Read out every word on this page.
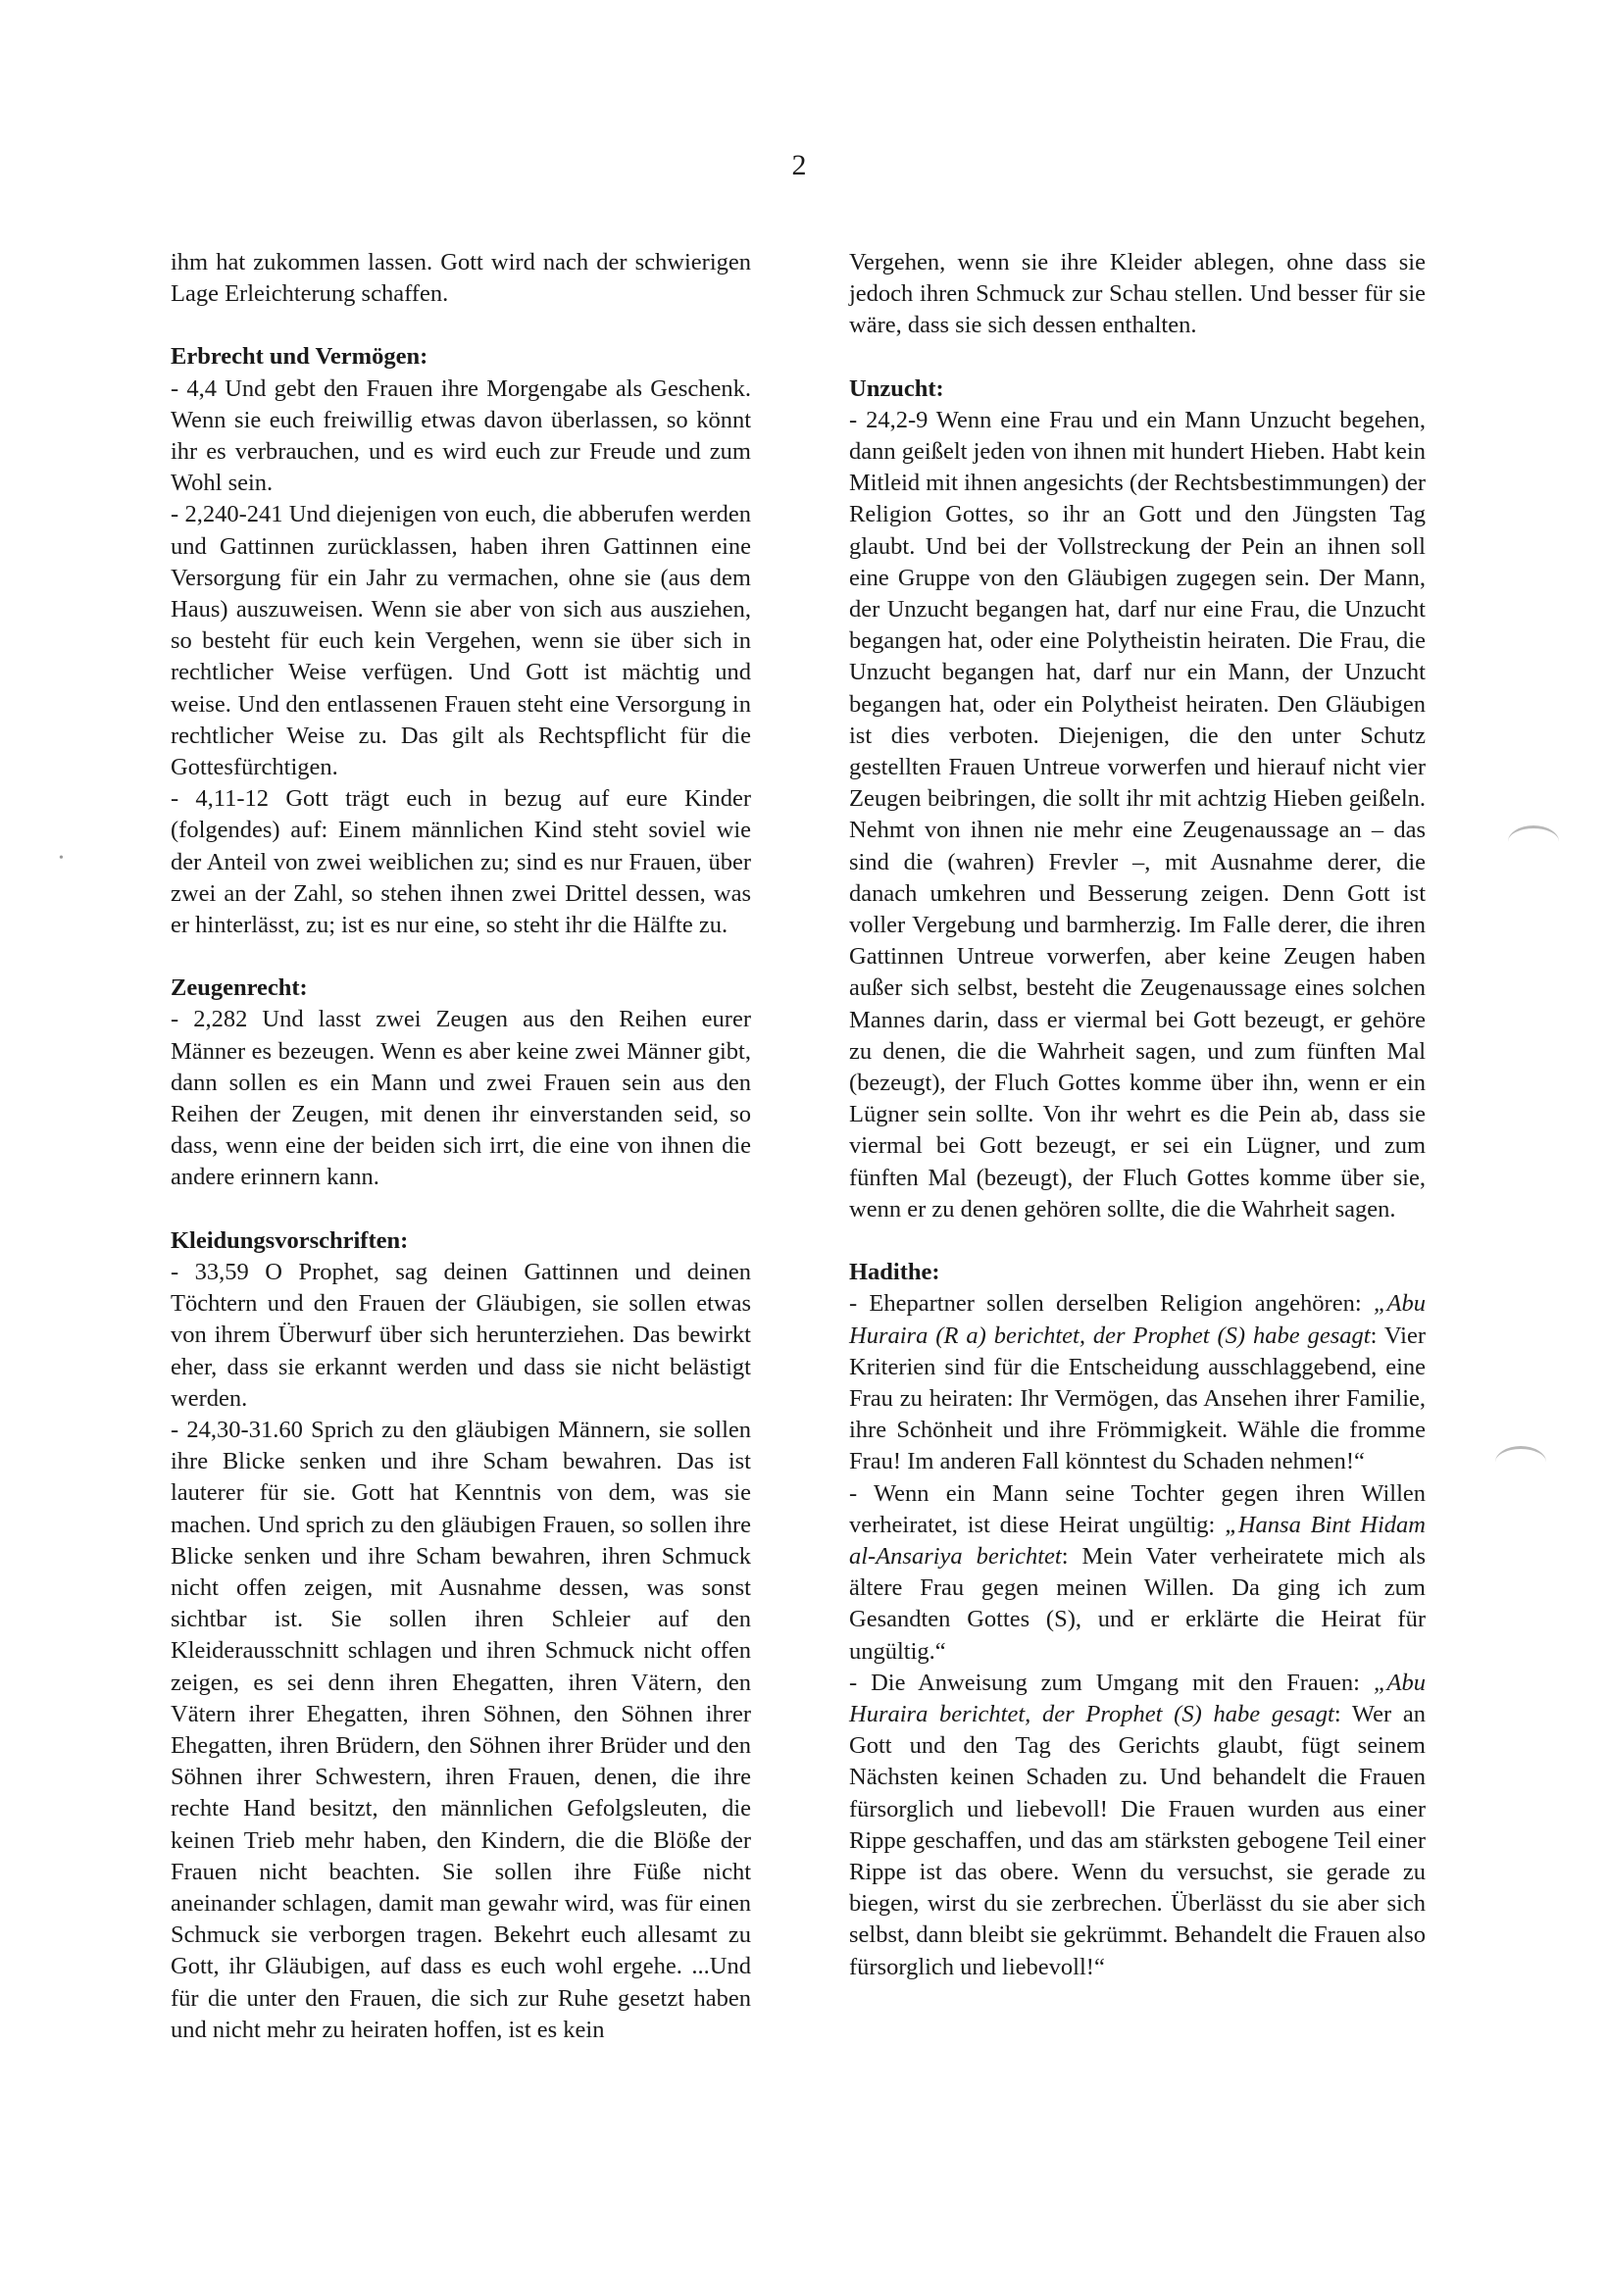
2

ihm hat zukommen lassen. Gott wird nach der schwierigen Lage Erleichterung schaffen.

Erbrecht und Vermögen:

- 4,4 Und gebt den Frauen ihre Morgengabe als Geschenk. Wenn sie euch freiwillig etwas davon überlassen, so könnt ihr es verbrauchen, und es wird euch zur Freude und zum Wohl sein.

- 2,240-241 Und diejenigen von euch, die abberufen werden und Gattinnen zurücklassen, haben ihren Gattinnen eine Versorgung für ein Jahr zu vermachen, ohne sie (aus dem Haus) auszuweisen. Wenn sie aber von sich aus ausziehen, so besteht für euch kein Vergehen, wenn sie über sich in rechtlicher Weise verfügen. Und Gott ist mächtig und weise. Und den entlassenen Frauen steht eine Versorgung in rechtlicher Weise zu. Das gilt als Rechtspflicht für die Gottesfürchtigen.

- 4,11-12 Gott trägt euch in bezug auf eure Kinder (folgendes) auf: Einem männlichen Kind steht soviel wie der Anteil von zwei weiblichen zu; sind es nur Frauen, über zwei an der Zahl, so stehen ihnen zwei Drittel dessen, was er hinterlässt, zu; ist es nur eine, so steht ihr die Hälfte zu.

Zeugenrecht:

- 2,282 Und lasst zwei Zeugen aus den Reihen eurer Männer es bezeugen. Wenn es aber keine zwei Männer gibt, dann sollen es ein Mann und zwei Frauen sein aus den Reihen der Zeugen, mit denen ihr einverstanden seid, so dass, wenn eine der beiden sich irrt, die eine von ihnen die andere erinnern kann.

Kleidungsvorschriften:

- 33,59 O Prophet, sag deinen Gattinnen und deinen Töchtern und den Frauen der Gläubigen, sie sollen etwas von ihrem Überwurf über sich herunterziehen. Das bewirkt eher, dass sie erkannt werden und dass sie nicht belästigt werden.

- 24,30-31.60 Sprich zu den gläubigen Männern, sie sollen ihre Blicke senken und ihre Scham bewahren. Das ist lauterer für sie. Gott hat Kenntnis von dem, was sie machen. Und sprich zu den gläubigen Frauen, so sollen ihre Blicke senken und ihre Scham bewahren, ihren Schmuck nicht offen zeigen, mit Ausnahme dessen, was sonst sichtbar ist. Sie sollen ihren Schleier auf den Kleiderausschnitt schlagen und ihren Schmuck nicht offen zeigen, es sei denn ihren Ehegatten, ihren Vätern, den Vätern ihrer Ehegatten, ihren Söhnen, den Söhnen ihrer Ehegatten, ihren Brüdern, den Söhnen ihrer Brüder und den Söhnen ihrer Schwestern, ihren Frauen, denen, die ihre rechte Hand besitzt, den männlichen Gefolgsleuten, die keinen Trieb mehr haben, den Kindern, die die Blöße der Frauen nicht beachten. Sie sollen ihre Füße nicht aneinander schlagen, damit man gewahr wird, was für einen Schmuck sie verborgen tragen. Bekehrt euch allesamt zu Gott, ihr Gläubigen, auf dass es euch wohl ergehe. ...Und für die unter den Frauen, die sich zur Ruhe gesetzt haben und nicht mehr zu heiraten hoffen, ist es kein

Vergehen, wenn sie ihre Kleider ablegen, ohne dass sie jedoch ihren Schmuck zur Schau stellen. Und besser für sie wäre, dass sie sich dessen enthalten.

Unzucht:

- 24,2-9 Wenn eine Frau und ein Mann Unzucht begehen, dann geißelt jeden von ihnen mit hundert Hieben. Habt kein Mitleid mit ihnen angesichts (der Rechtsbestimmungen) der Religion Gottes, so ihr an Gott und den Jüngsten Tag glaubt. Und bei der Vollstreckung der Pein an ihnen soll eine Gruppe von den Gläubigen zugegen sein. Der Mann, der Unzucht begangen hat, darf nur eine Frau, die Unzucht begangen hat, oder eine Polytheistin heiraten. Die Frau, die Unzucht begangen hat, darf nur ein Mann, der Unzucht begangen hat, oder ein Polytheist heiraten. Den Gläubigen ist dies verboten. Diejenigen, die den unter Schutz gestellten Frauen Untreue vorwerfen und hierauf nicht vier Zeugen beibringen, die sollt ihr mit achtzig Hieben geißeln. Nehmt von ihnen nie mehr eine Zeugenaussage an – das sind die (wahren) Frevler –, mit Ausnahme derer, die danach umkehren und Besserung zeigen. Denn Gott ist voller Vergebung und barmherzig. Im Falle derer, die ihren Gattinnen Untreue vorwerfen, aber keine Zeugen haben außer sich selbst, besteht die Zeugenaussage eines solchen Mannes darin, dass er viermal bei Gott bezeugt, er gehöre zu denen, die die Wahrheit sagen, und zum fünften Mal (bezeugt), der Fluch Gottes komme über ihn, wenn er ein Lügner sein sollte. Von ihr wehrt es die Pein ab, dass sie viermal bei Gott bezeugt, er sei ein Lügner, und zum fünften Mal (bezeugt), der Fluch Gottes komme über sie, wenn er zu denen gehören sollte, die die Wahrheit sagen.

Hadithe:

- Ehepartner sollen derselben Religion angehören: „Abu Huraira (R a) berichtet, der Prophet (S) habe gesagt: Vier Kriterien sind für die Entscheidung ausschlaggebend, eine Frau zu heiraten: Ihr Vermögen, das Ansehen ihrer Familie, ihre Schönheit und ihre Frömmigkeit. Wähle die fromme Frau! Im anderen Fall könntest du Schaden nehmen!“

- Wenn ein Mann seine Tochter gegen ihren Willen verheiratet, ist diese Heirat ungültig: „Hansa Bint Hidam al-Ansariya berichtet: Mein Vater verheiratete mich als ältere Frau gegen meinen Willen. Da ging ich zum Gesandten Gottes (S), und er erklärte die Heirat für ungültig.“

- Die Anweisung zum Umgang mit den Frauen: „Abu Huraira berichtet, der Prophet (S) habe gesagt: Wer an Gott und den Tag des Gerichts glaubt, fügt seinem Nächsten keinen Schaden zu. Und behandelt die Frauen fürsorglich und liebevoll! Die Frauen wurden aus einer Rippe geschaffen, und das am stärksten gebogene Teil einer Rippe ist das obere. Wenn du versuchst, sie gerade zu biegen, wirst du sie zerbrechen. Überlässt du sie aber sich selbst, dann bleibt sie gekrümmt. Behandelt die Frauen also fürsorglich und liebevoll!“

•
